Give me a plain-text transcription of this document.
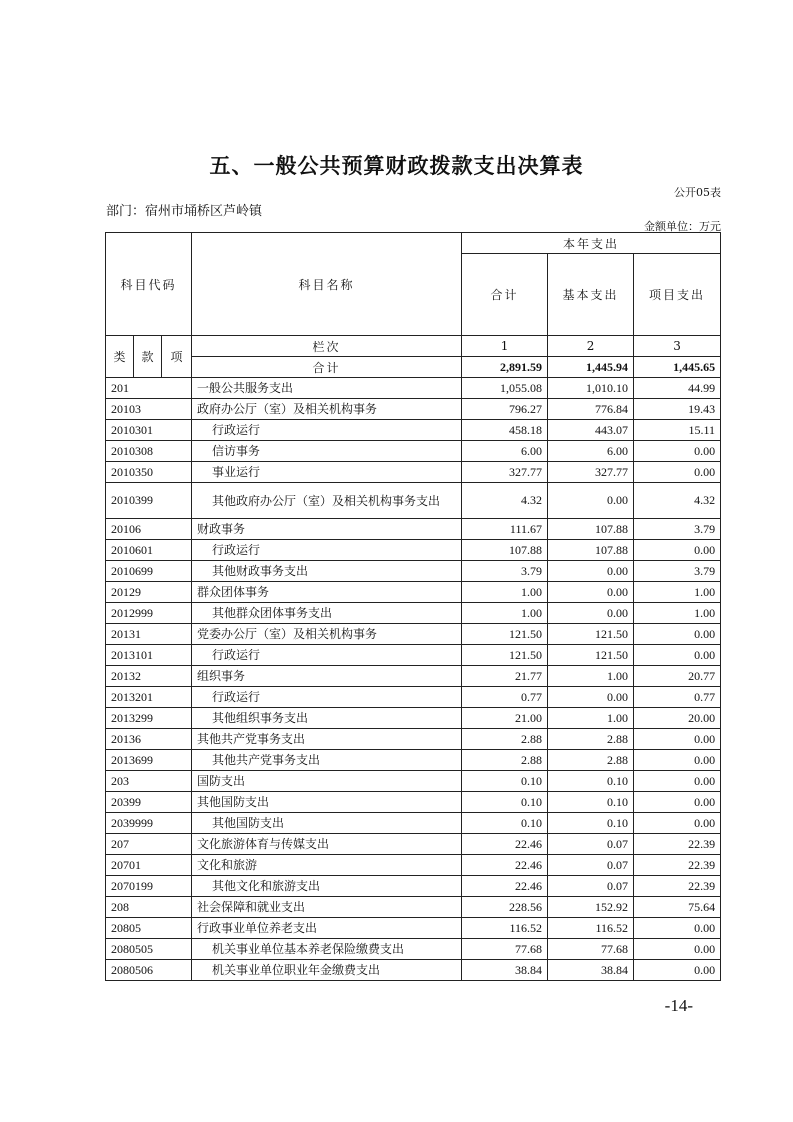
五、一般公共预算财政拨款支出决算表
公开05表
部门：宿州市埇桥区芦岭镇
金额单位：万元
科目代码			科目名称	本年支出		
				合计	基本支出	项目支出
类	款	项	栏次	1	2	3
			合计	2,891.59	1,445.94	1,445.65
201			一般公共服务支出	1,055.08	1,010.10	44.99
20103			政府办公厅（室）及相关机构事务	796.27	776.84	19.43
2010301			行政运行	458.18	443.07	15.11
2010308			信访事务	6.00	6.00	0.00
2010350			事业运行	327.77	327.77	0.00
2010399			其他政府办公厅（室）及相关机构事务支出	4.32	0.00	4.32
20106			财政事务	111.67	107.88	3.79
2010601			行政运行	107.88	107.88	0.00
2010699			其他财政事务支出	3.79	0.00	3.79
20129			群众团体事务	1.00	0.00	1.00
2012999			其他群众团体事务支出	1.00	0.00	1.00
20131			党委办公厅（室）及相关机构事务	121.50	121.50	0.00
2013101			行政运行	121.50	121.50	0.00
20132			组织事务	21.77	1.00	20.77
2013201			行政运行	0.77	0.00	0.77
2013299			其他组织事务支出	21.00	1.00	20.00
20136			其他共产党事务支出	2.88	2.88	0.00
2013699			其他共产党事务支出	2.88	2.88	0.00
203			国防支出	0.10	0.10	0.00
20399			其他国防支出	0.10	0.10	0.00
2039999			其他国防支出	0.10	0.10	0.00
207			文化旅游体育与传媒支出	22.46	0.07	22.39
20701			文化和旅游	22.46	0.07	22.39
2070199			其他文化和旅游支出	22.46	0.07	22.39
208			社会保障和就业支出	228.56	152.92	75.64
20805			行政事业单位养老支出	116.52	116.52	0.00
2080505			机关事业单位基本养老保险缴费支出	77.68	77.68	0.00
2080506			机关事业单位职业年金缴费支出	38.84	38.84	0.00
-14-
